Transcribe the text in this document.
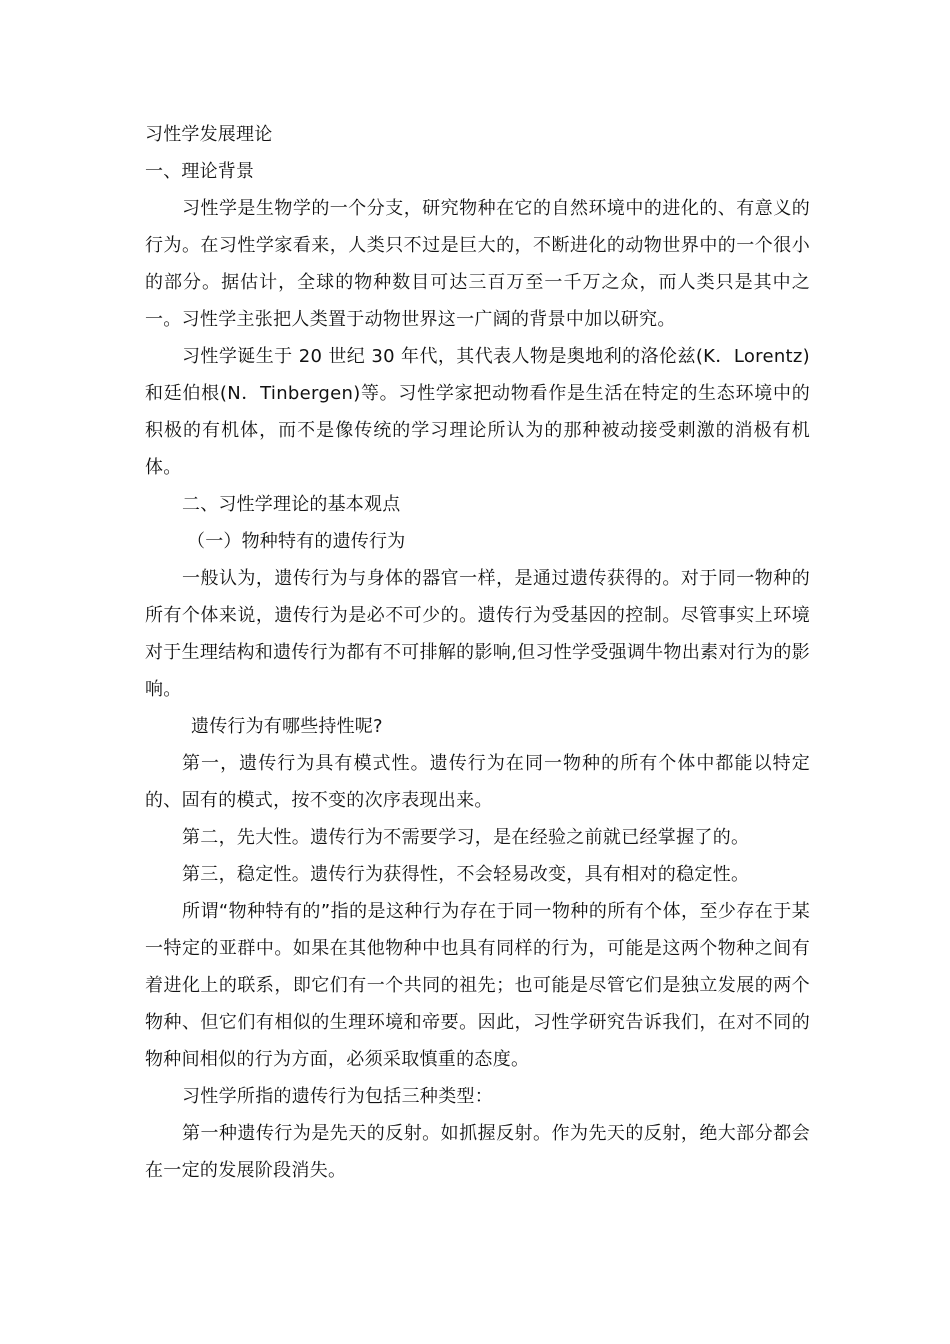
习性学发展理论
一、理论背景

习性学是生物学的一个分支，研究物种在它的自然环境中的进化的、有意义的行为。在习性学家看来，人类只不过是巨大的，不断进化的动物世界中的一个很小的部分。据估计，全球的物种数目可达三百万至一千万之众，而人类只是其中之一。习性学主张把人类置于动物世界这一广阔的背景中加以研究。

习性学诞生于 20 世纪 30 年代，其代表人物是奥地利的洛伦兹(K．Lorentz)和廷伯根(N．Tinbergen)等。习性学家把动物看作是生活在特定的生态环境中的积极的有机体，而不是像传统的学习理论所认为的那种被动接受刺激的消极有机体。

二、习性学理论的基本观点
（一）物种特有的遗传行为

一般认为，遗传行为与身体的器官一样，是通过遗传获得的。对于同一物种的所有个体来说，遗传行为是必不可少的。遗传行为受基因的控制。尽管事实上环境对于生理结构和遗传行为都有不可排解的影响,但习性学受强调牛物出素对行为的影响。

遗传行为有哪些持性呢?

第一，遗传行为具有模式性。遗传行为在同一物种的所有个体中都能以特定的、固有的模式，按不变的次序表现出来。

第二，先大性。遗传行为不需要学习，是在经验之前就已经掌握了的。

第三，稳定性。遗传行为获得性，不会轻易改变，具有相对的稳定性。

所谓“物种特有的”指的是这种行为存在于同一物种的所有个体，至少存在于某一特定的亚群中。如果在其他物种中也具有同样的行为，可能是这两个物种之间有着进化上的联系，即它们有一个共同的祖先；也可能是尽管它们是独立发展的两个物种、但它们有相似的生理环境和帝要。因此，习性学研究告诉我们，在对不同的物种间相似的行为方面，必须采取慎重的态度。

习性学所指的遗传行为包括三种类型：

第一种遗传行为是先天的反射。如抓握反射。作为先天的反射，绝大部分都会在一定的发展阶段消失。
